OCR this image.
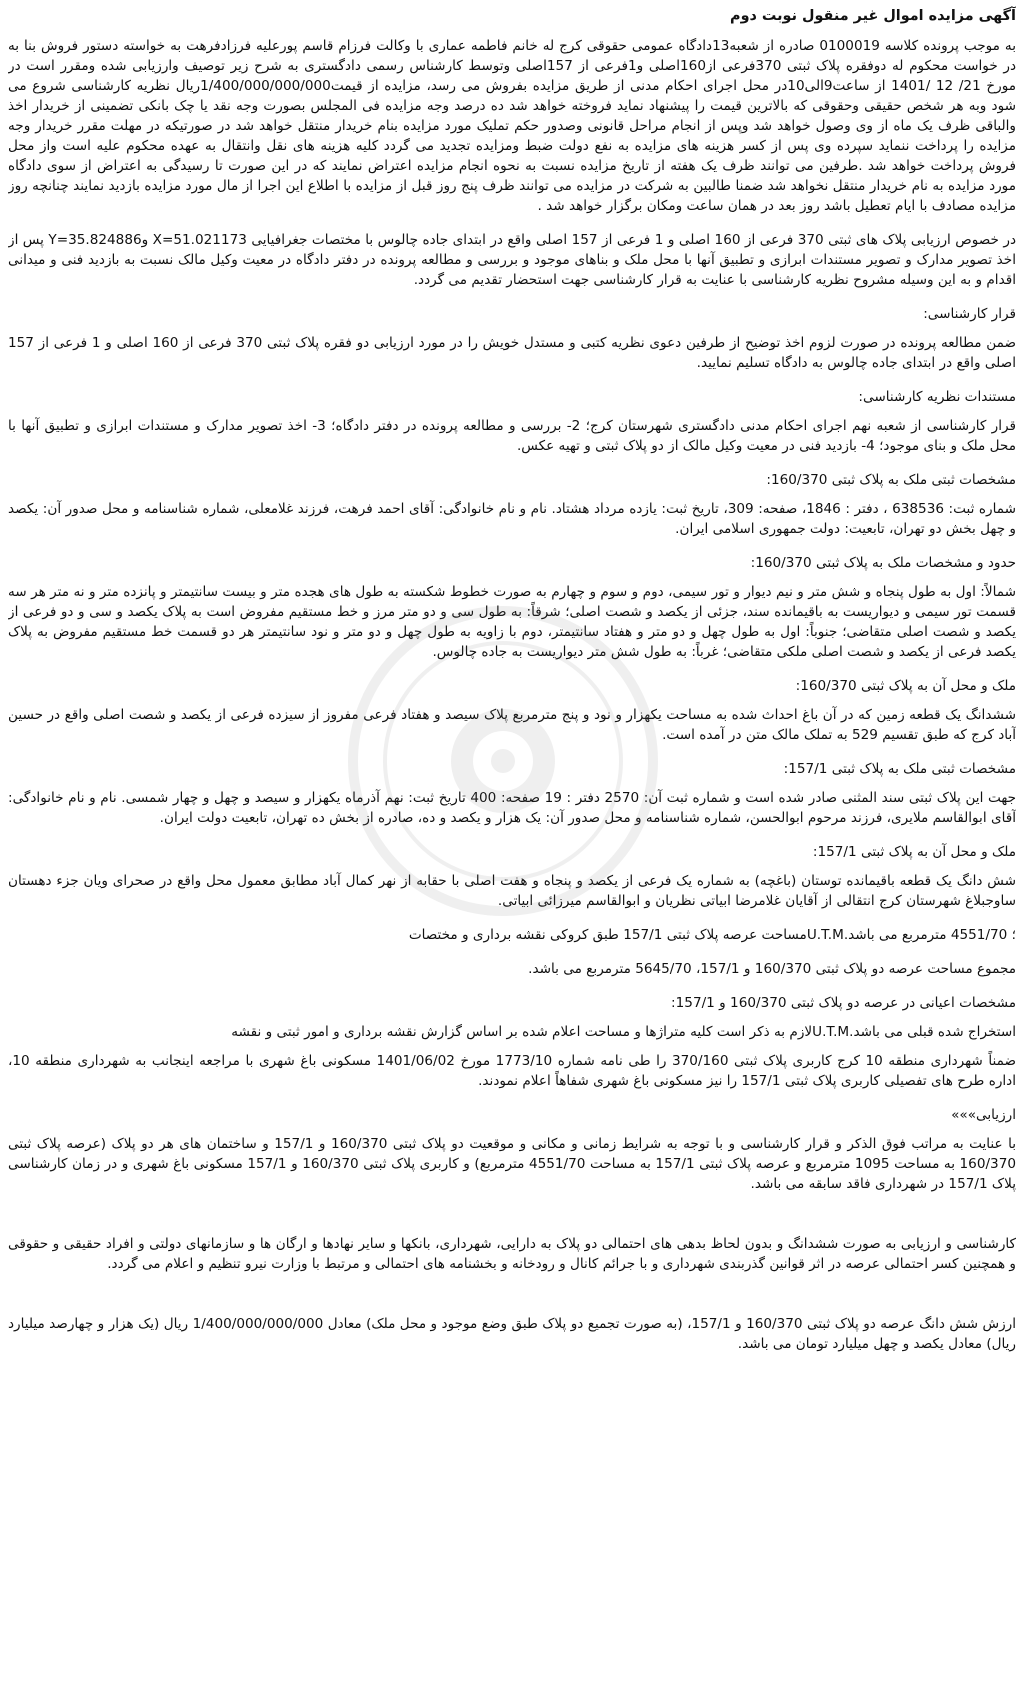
آگهی مزایده اموال غیر منقول نوبت دوم

به موجب پرونده کلاسه 0100019 صادره از شعبه13دادگاه عمومی حقوقی کرج له خانم فاطمه عماری با وکالت فرزام قاسم پورعلیه فرزادفرهت به خواسته دستور فروش بنا به در خواست محکوم له دوفقره پلاک ثبتی 370فرعی از160اصلی و1فرعی از 157اصلی وتوسط کارشناس رسمی دادگستری به شرح زیر توصیف وارزیابی شده ومقرر است در مورخ 21/ 12 /1401 از ساعت9الی10در محل اجرای احکام مدنی از طریق مزایده بفروش می رسد، مزایده از قیمت1/400/000/000/000ریال نظریه کارشناسی شروع می شود وبه هر شخص حقیقی وحقوقی که بالاترین قیمت را پیشنهاد نماید فروخته خواهد شد ده درصد وجه مزایده فی المجلس بصورت وجه نقد یا چک بانکی تضمینی از خریدار اخذ والباقی ظرف یک ماه از وی وصول خواهد شد وپس از انجام مراحل قانونی وصدور حکم تملیک مورد مزایده بنام خریدار منتقل خواهد شد در صورتیکه در مهلت مقرر خریدار وجه مزایده را پرداخت ننماید سپرده وی پس از کسر هزینه های مزایده به نفع دولت ضبط ومزایده تجدید می گردد کلیه هزینه های نقل وانتقال به عهده محکوم علیه است واز محل فروش پرداخت خواهد شد .طرفین می توانند ظرف یک هفته از تاریخ مزایده نسبت به نحوه انجام مزایده اعتراض نمایند که در این صورت تا رسیدگی به اعتراض از سوی دادگاه مورد مزایده به نام خریدار منتقل نخواهد شد ضمنا طالبین به شرکت در مزایده می توانند ظرف پنج روز قبل از مزایده با اطلاع این اجرا از مال مورد مزایده بازدید نمایند چنانچه روز مزایده مصادف با ایام تعطیل باشد روز بعد در همان ساعت ومکان برگزار خواهد شد .

در خصوص ارزیابی پلاک های ثبتی 370 فرعی از 160 اصلی و 1 فرعی از 157 اصلی واقع در ابتدای جاده چالوس با مختصات جغرافیایی X=51.021173 وY=35.824886 پس از اخذ تصویر مدارک و تصویر مستندات ابرازی و تطبیق آنها با محل ملک و بناهای موجود و بررسی و مطالعه پرونده در دفتر دادگاه در معیت وکیل مالک نسبت به بازدید فنی و میدانی اقدام و به این وسیله مشروح نظریه کارشناسی با عنایت به قرار کارشناسی جهت استحضار تقدیم می گردد.

قرار کارشناسی:

ضمن مطالعه پرونده در صورت لزوم اخذ توضیح از طرفین دعوی نظریه کتبی و مستدل خویش را در مورد ارزیابی دو فقره پلاک ثبتی 370 فرعی از 160 اصلی و 1 فرعی از 157 اصلی واقع در ابتدای جاده چالوس به دادگاه تسلیم نمایید.

مستندات نظریه کارشناسی:

قرار کارشناسی از شعبه نهم اجرای احکام مدنی دادگستری شهرستان کرج؛ 2- بررسی و مطالعه پرونده در دفتر دادگاه؛ 3- اخذ تصویر مدارک و مستندات ابرازی و تطبیق آنها با محل ملک و بنای موجود؛ 4- بازدید فنی در معیت وکیل مالک از دو پلاک ثبتی و تهیه عکس.

مشخصات ثبتی ملک به پلاک ثبتی 160/370:

شماره ثبت: 638536 ، دفتر : 1846، صفحه: 309، تاریخ ثبت: یازده مرداد هشتاد. نام و نام خانوادگی: آقای احمد فرهت، فرزند غلامعلی، شماره شناسنامه و محل صدور آن: یکصد و چهل بخش دو تهران، تابعیت: دولت جمهوری اسلامی ایران.

حدود و مشخصات ملک به پلاک ثبتی 160/370:

شمالاً: اول به طول پنجاه و شش متر و نیم دیوار و تور سیمی، دوم و سوم و چهارم به صورت خطوط شکسته به طول های هجده متر و بیست سانتیمتر و پانزده متر و نه متر هر سه قسمت تور سیمی و دیواریست به باقیمانده سند، جزئی از یکصد و شصت اصلی؛ شرقاً: به طول سی و دو متر مرز و خط مستقیم مفروض است به پلاک یکصد و سی و دو فرعی از یکصد و شصت اصلی متقاضی؛ جنوباً: اول به طول چهل و دو متر و هفتاد سانتیمتر، دوم با زاویه به طول چهل و دو متر و نود سانتیمتر هر دو قسمت خط مستقیم مفروض به پلاک یکصد فرعی از یکصد و شصت اصلی ملکی متقاضی؛ غرباً: به طول شش متر دیواریست به جاده چالوس.

ملک و محل آن به پلاک ثبتی 160/370:

ششدانگ یک قطعه زمین که در آن باغ احداث شده به مساحت یکهزار و نود و پنج مترمربع پلاک سیصد و هفتاد فرعی مفروز از سیزده فرعی از یکصد و شصت اصلی واقع در حسین آباد کرج که طبق تقسیم 529 به تملک مالک متن در آمده است.

مشخصات ثبتی ملک به پلاک ثبتی 157/1:

جهت این پلاک ثبتی سند المثنی صادر شده است و شماره ثبت آن: 2570 دفتر : 19 صفحه: 400 تاریخ ثبت: نهم آذرماه یکهزار و سیصد و چهل و چهار شمسی. نام و نام خانوادگی: آقای ابوالقاسم ملایری، فرزند مرحوم ابوالحسن، شماره شناسنامه و محل صدور آن: یک هزار و یکصد و ده، صادره از بخش ده تهران، تابعیت دولت ایران.

ملک و محل آن به پلاک ثبتی 157/1:

شش دانگ یک قطعه باقیمانده توستان (باغچه) به شماره یک فرعی از یکصد و پنجاه و هفت اصلی با حقابه از نهر کمال آباد مطابق معمول محل واقع در صحرای ویان جزء دهستان ساوجبلاغ شهرستان کرج انتقالی از آقایان غلامرضا ابیاتی نظریان و ابوالقاسم میرزائی ابیاتی.

؛ 4551/70 مترمربع می باشد.U.T.Mمساحت عرصه پلاک ثبتی 157/1 طبق کروکی نقشه برداری و مختصات

مجموع مساحت عرصه دو پلاک ثبتی 160/370 و 157/1، 5645/70 مترمربع می باشد.

مشخصات اعیانی در عرصه دو پلاک ثبتی 160/370 و 157/1:

استخراج شده قبلی می باشد.U.T.Mلازم به ذکر است کلیه متراژها و مساحت اعلام شده بر اساس گزارش نقشه برداری و امور ثبتی و نقشه

ضمناً شهرداری منطقه 10 کرج کاربری پلاک ثبتی 370/160 را طی نامه شماره 1773/10 مورخ 1401/06/02 مسکونی باغ شهری با مراجعه اینجانب به شهرداری منطقه 10، اداره طرح های تفصیلی کاربری پلاک ثبتی 157/1 را نیز مسکونی باغ شهری شفاهاً اعلام نمودند.

ارزیابی»»»

با عنایت به مراتب فوق الذکر و قرار کارشناسی و با توجه به شرایط زمانی و مکانی و موقعیت دو پلاک ثبتی 160/370 و 157/1 و ساختمان های هر دو پلاک (عرصه پلاک ثبتی 160/370 به مساحت 1095 مترمربع و عرصه پلاک ثبتی 157/1 به مساحت 4551/70 مترمربع) و کاربری پلاک ثبتی 160/370 و 157/1 مسکونی باغ شهری و در زمان کارشناسی پلاک 157/1 در شهرداری فاقد سابقه می باشد.

کارشناسی و ارزیابی به صورت ششدانگ و بدون لحاظ بدهی های احتمالی دو پلاک به دارایی، شهرداری، بانکها و سایر نهادها و ارگان ها و سازمانهای دولتی و افراد حقیقی و حقوقی و همچنین کسر احتمالی عرصه در اثر قوانین گذربندی شهرداری و با جرائم کانال و رودخانه و بخشنامه های احتمالی و مرتبط با وزارت نیرو تنظیم و اعلام می گردد.

ارزش شش دانگ عرصه دو پلاک ثبتی 160/370 و 157/1، (به صورت تجمیع دو پلاک طبق وضع موجود و محل ملک) معادل 1/400/000/000/000 ریال (یک هزار و چهارصد میلیارد ریال) معادل یکصد و چهل میلیارد تومان می باشد.
